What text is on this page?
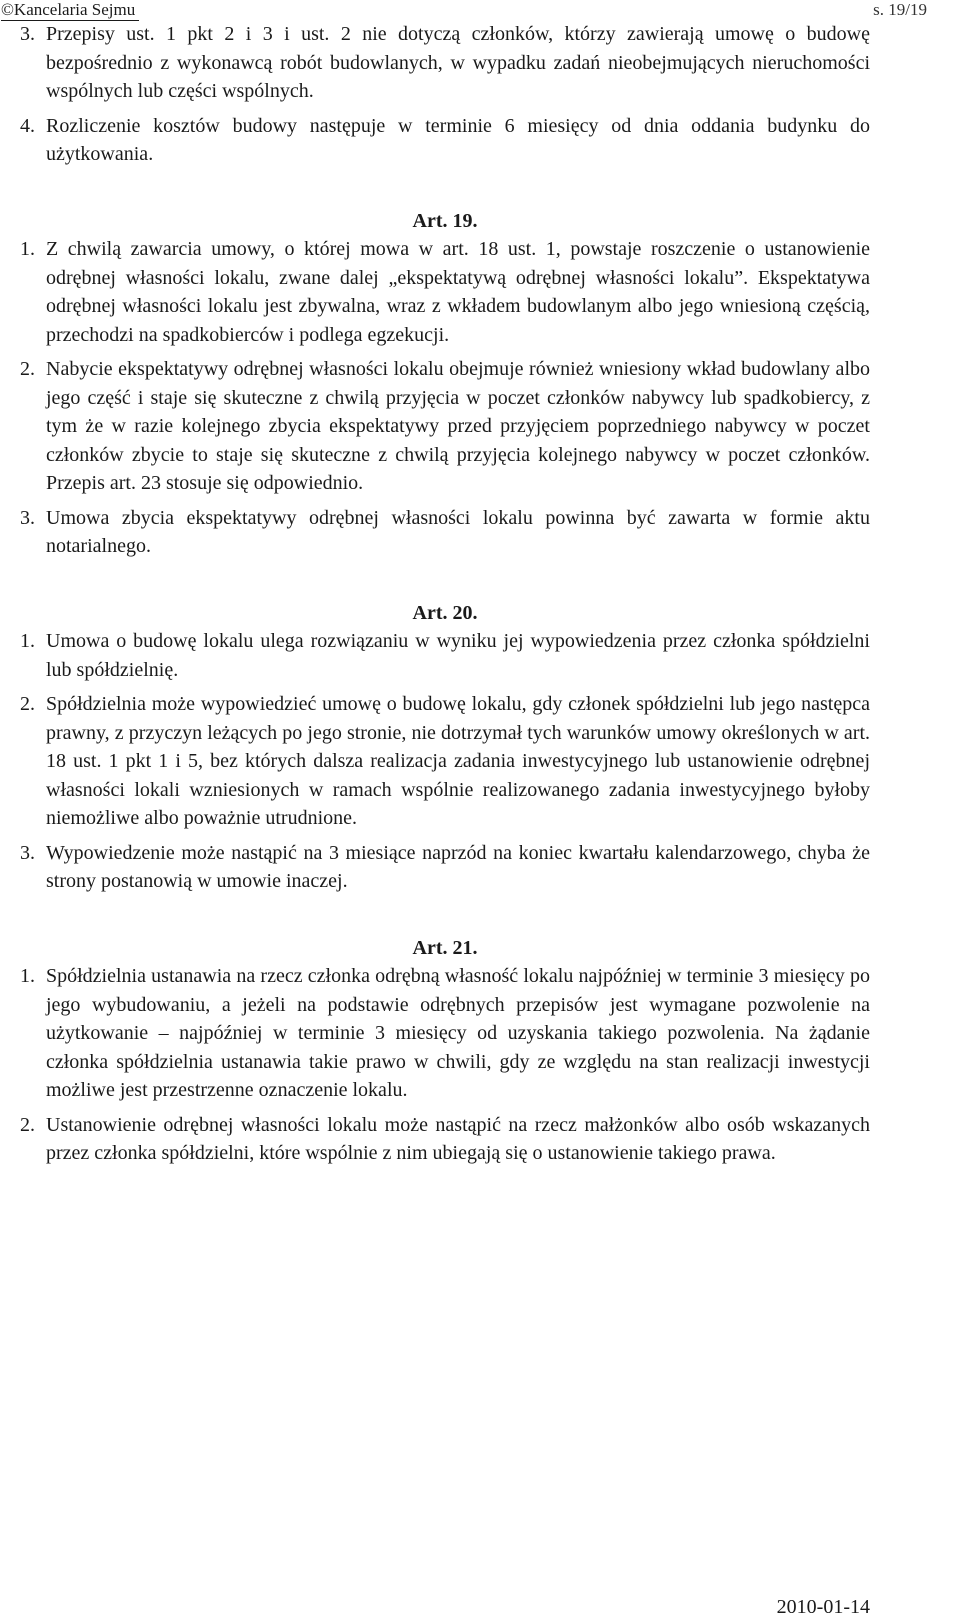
©Kancelaria Sejmu	s. 19/19
3. Przepisy ust. 1 pkt 2 i 3 i ust. 2 nie dotyczą członków, którzy zawierają umowę o budowę bezpośrednio z wykonawcą robót budowlanych, w wypadku zadań nieobejmujących nieruchomości wspólnych lub części wspólnych.
4. Rozliczenie kosztów budowy następuje w terminie 6 miesięcy od dnia oddania budynku do użytkowania.
Art. 19.
1. Z chwilą zawarcia umowy, o której mowa w art. 18 ust. 1, powstaje roszczenie o ustanowienie odrębnej własności lokalu, zwane dalej „ekspektatywą odrębnej własności lokalu”. Ekspektatywa odrębnej własności lokalu jest zbywalna, wraz z wkładem budowlanym albo jego wniesioną częścią, przechodzi na spadkobierców i podlega egzekucji.
2. Nabycie ekspektatywy odrębnej własności lokalu obejmuje również wniesiony wkład budowlany albo jego część i staje się skuteczne z chwilą przyjęcia w poczet członków nabywcy lub spadkobiercy, z tym że w razie kolejnego zbycia ekspektatywy przed przyjęciem poprzedniego nabywcy w poczet członków zbycie to staje się skuteczne z chwilą przyjęcia kolejnego nabywcy w poczet członków. Przepis art. 23 stosuje się odpowiednio.
3. Umowa zbycia ekspektatywy odrębnej własności lokalu powinna być zawarta w formie aktu notarialnego.
Art. 20.
1. Umowa o budowę lokalu ulega rozwiązaniu w wyniku jej wypowiedzenia przez członka spółdzielni lub spółdzielnię.
2. Spółdzielnia może wypowiedzieć umowę o budowę lokalu, gdy członek spółdzielni lub jego następca prawny, z przyczyn leżących po jego stronie, nie dotrzymał tych warunków umowy określonych w art. 18 ust. 1 pkt 1 i 5, bez których dalsza realizacja zadania inwestycyjnego lub ustanowienie odrębnej własności lokali wzniesionych w ramach wspólnie realizowanego zadania inwestycyjnego byłoby niemożliwe albo poważnie utrudnione.
3. Wypowiedzenie może nastąpić na 3 miesiące naprzód na koniec kwartału kalendarzowego, chyba że strony postanowią w umowie inaczej.
Art. 21.
1. Spółdzielnia ustanawia na rzecz członka odrębną własność lokalu najpóźniej w terminie 3 miesięcy po jego wybudowaniu, a jeżeli na podstawie odrębnych przepisów jest wymagane pozwolenie na użytkowanie – najpóźniej w terminie 3 miesięcy od uzyskania takiego pozwolenia. Na żądanie członka spółdzielnia ustanawia takie prawo w chwili, gdy ze względu na stan realizacji inwestycji możliwe jest przestrzenne oznaczenie lokalu.
2. Ustanowienie odrębnej własności lokalu może nastąpić na rzecz małżonków albo osób wskazanych przez członka spółdzielni, które wspólnie z nim ubiegają się o ustanowienie takiego prawa.
2010-01-14
